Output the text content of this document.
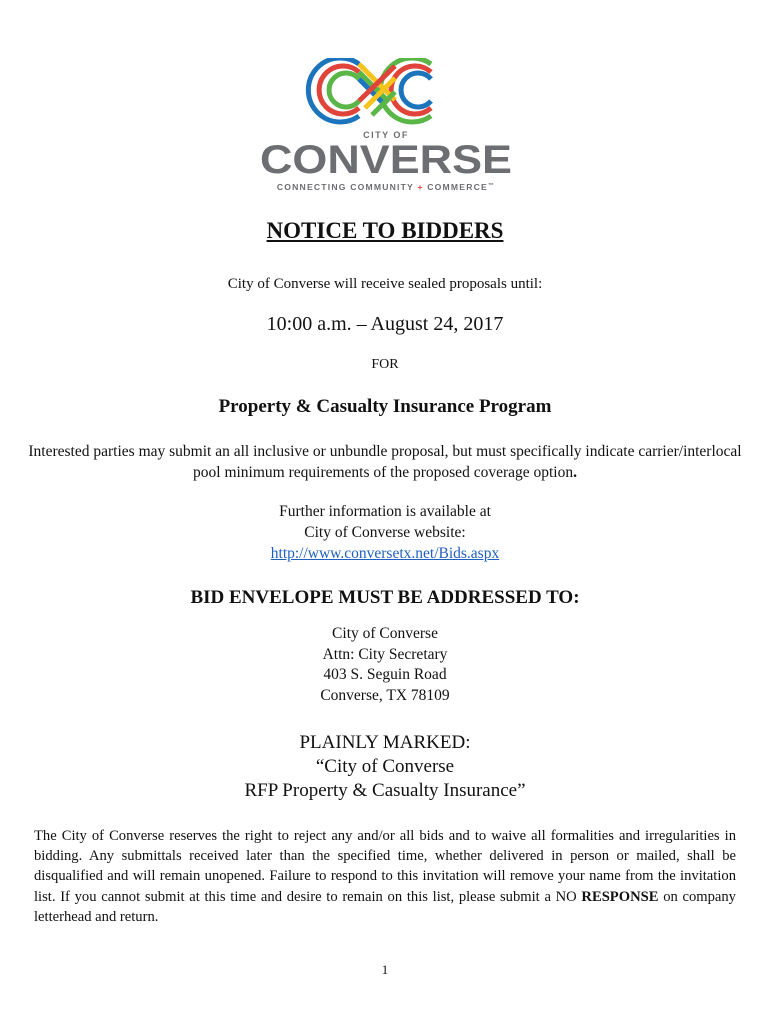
CITY OF
CONVERSE
CONNECTING COMMUNITY + COMMERCE™
NOTICE TO BIDDERS
City of Converse will receive sealed proposals until:
10:00 a.m. – August 24, 2017
FOR
Property & Casualty Insurance Program
Interested parties may submit an all inclusive or unbundle proposal, but must specifically indicate carrier/interlocal pool minimum requirements of the proposed coverage option.
Further information is available at
City of Converse website:
http://www.conversetx.net/Bids.aspx
BID ENVELOPE MUST BE ADDRESSED TO:
City of Converse
Attn: City Secretary
403 S. Seguin Road
Converse, TX 78109
PLAINLY MARKED:
“City of Converse
RFP Property & Casualty Insurance”
The City of Converse reserves the right to reject any and/or all bids and to waive all formalities and irregularities in bidding. Any submittals received later than the specified time, whether delivered in person or mailed, shall be disqualified and will remain unopened. Failure to respond to this invitation will remove your name from the invitation list. If you cannot submit at this time and desire to remain on this list, please submit a NO RESPONSE on company letterhead and return.
1
